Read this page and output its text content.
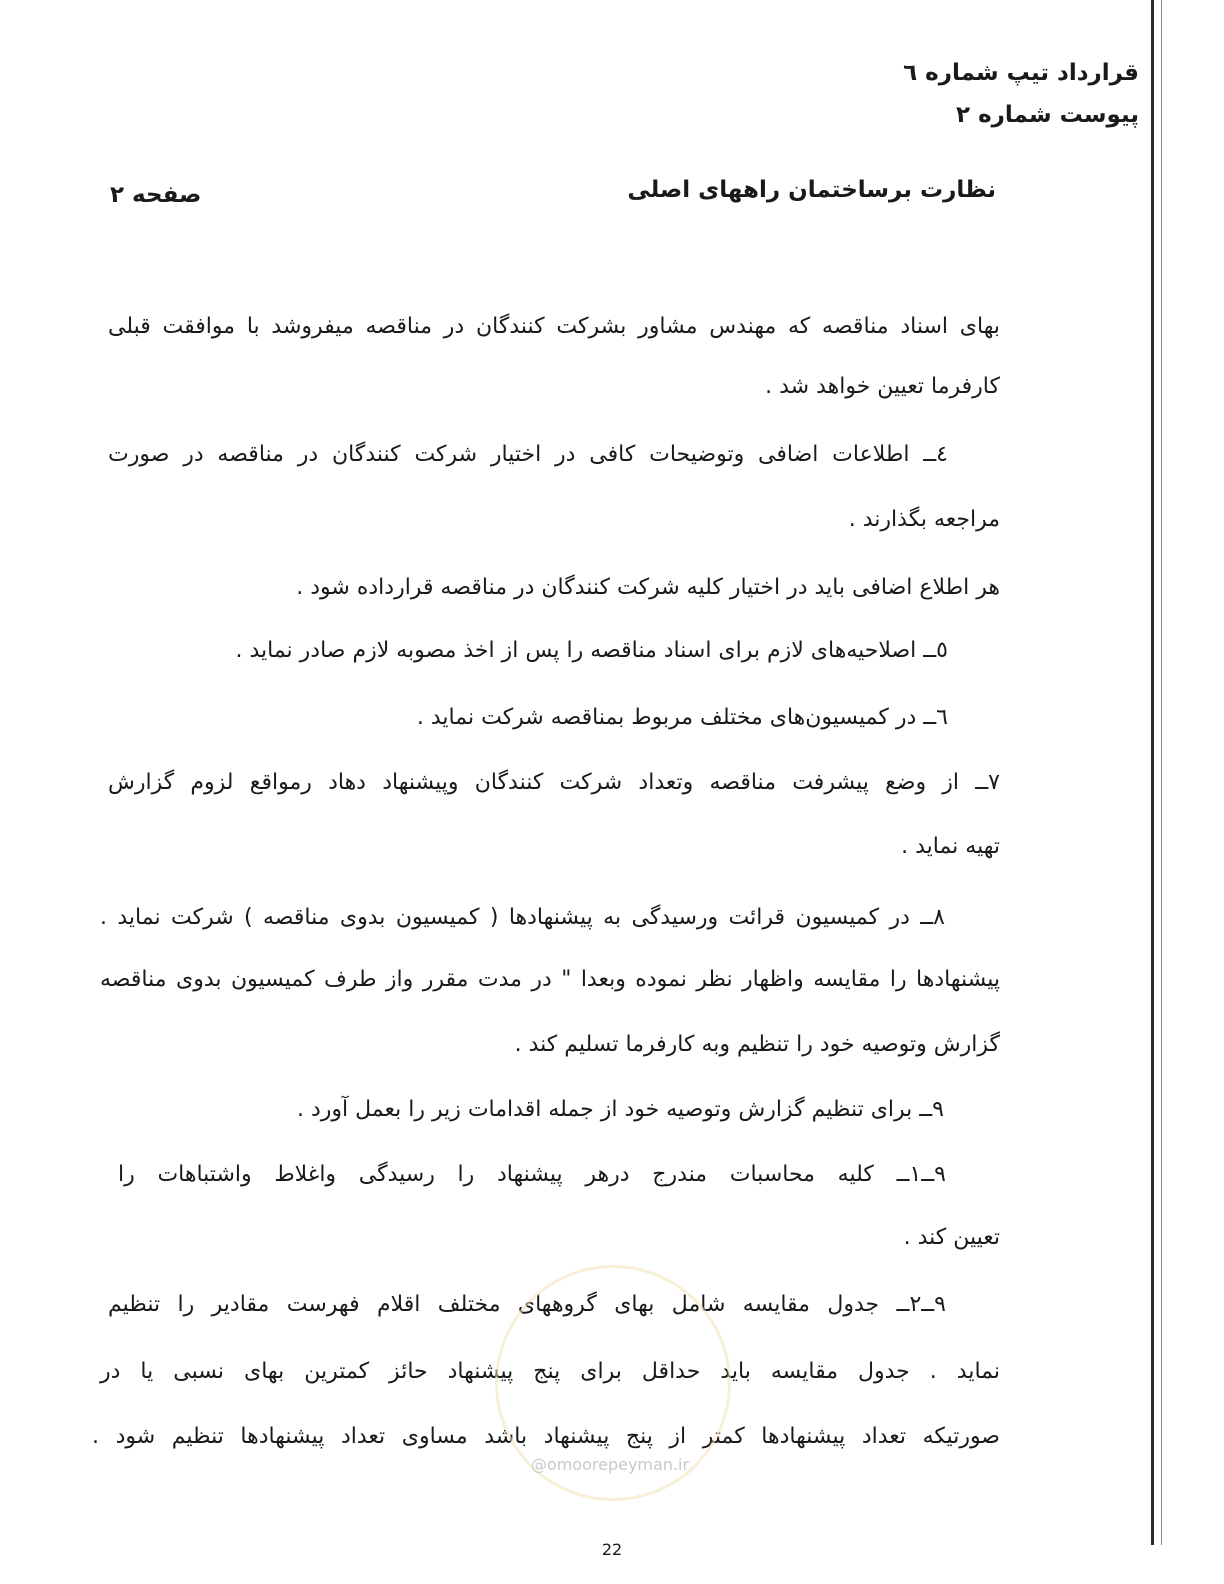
قرارداد تیپ شماره ٦
پیوست شماره ٢
نظارت برساختمان راههای اصلی
صفحه ٢
بهای اسناد مناقصه که مهندس مشاور بشرکت کنندگان در مناقصه میفروشد با موافقت قبلی
کارفرما تعیین خواهد شد .
٤ــ اطلاعات اضافی وتوضیحات کافی در اختیار شرکت کنندگان در مناقصه در صورت
مراجعه بگذارند .
هر اطلاع اضافی باید در اختیار کلیه شرکت کنندگان در مناقصه قرارداده شود .
٥ــ اصلاحیه‌های لازم برای اسناد مناقصه را پس از اخذ مصوبه لازم صادر نماید .
٦ــ در کمیسیون‌های مختلف مربوط بمناقصه شرکت نماید .
٧ــ از وضع پیشرفت مناقصه وتعداد شرکت کنندگان وپیشنهاد دهاد رمواقع لزوم گزارش
تهیه نماید .
٨ــ در کمیسیون قرائت ورسیدگی به پیشنهادها ( کمیسیون بدوی مناقصه ) شرکت نماید .
پیشنهادها را مقایسه واظهار نظر نموده وبعدا " در مدت مقرر واز طرف کمیسیون بدوی مناقصه
گزارش وتوصیه خود را تنظیم وبه کارفرما تسلیم کند .
٩ــ برای تنظیم گزارش وتوصیه خود از جمله اقدامات زیر را بعمل آورد .
٩ــ١ــ کلیه محاسبات مندرج درهر پیشنهاد را رسیدگی واغلاط واشتباهات را
تعیین کند .
٩ــ٢ــ جدول مقایسه شامل بهای گروههای مختلف اقلام فهرست مقادیر را تنظیم
نماید . جدول مقایسه باید حداقل برای پنج پیشنهاد حائز کمترین بهای نسبی یا در
صورتیکه تعداد پیشنهادها کمتر از پنج پیشنهاد باشد مساوی تعداد پیشنهادها تنظیم شود .
@omoorepeyman.ir
22
